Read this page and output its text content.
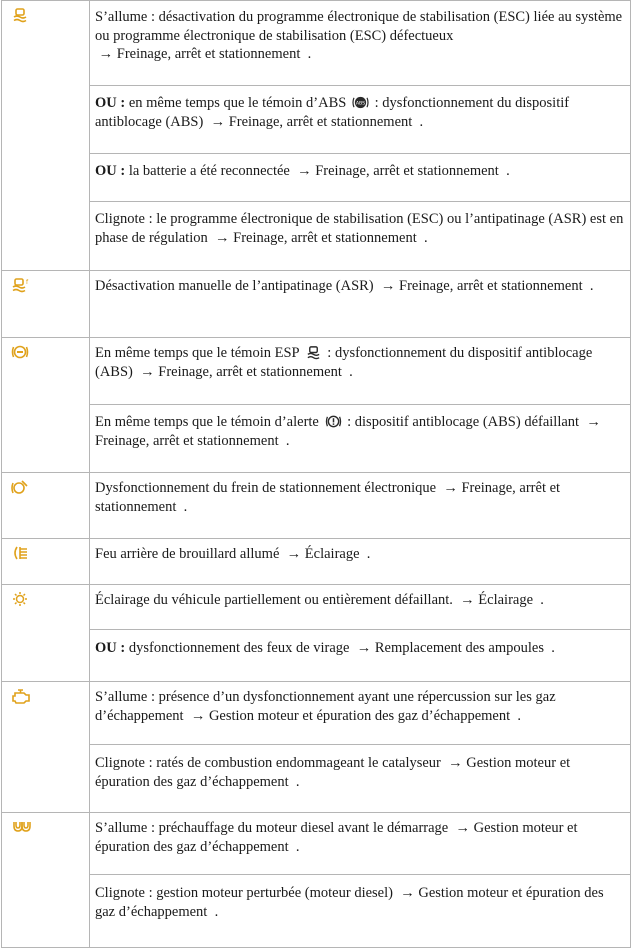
S’allume : désactivation du programme électronique de stabilisation (ESC) liée au système ou programme électronique de stabilisation (ESC) défectueux
→ Freinage, arrêt et stationnement  .
OU : en même temps que le témoin d’ABS ABS : dysfonctionnement du dispositif antiblocage (ABS) → Freinage, arrêt et stationnement  .
OU : la batterie a été reconnectée → Freinage, arrêt et stationnement  .
Clignote : le programme électronique de stabilisation (ESC) ou l’antipatinage (ASR) est en phase de régulation → Freinage, arrêt et stationnement  .
f	Désactivation manuelle de l’antipatinage (ASR) → Freinage, arrêt et stationnement  .
En même temps que le témoin ESP  : dysfonctionnement du dispositif antiblocage (ABS) → Freinage, arrêt et stationnement  .
En même temps que le témoin d’alerte  : dispositif antiblocage (ABS) défaillant → Freinage, arrêt et stationnement  .
Dysfonctionnement du frein de stationnement électronique → Freinage, arrêt et stationnement  .
Feu arrière de brouillard allumé → Éclairage  .
Éclairage du véhicule partiellement ou entièrement défaillant. → Éclairage  .
OU : dysfonctionnement des feux de virage → Remplacement des ampoules  .
S’allume : présence d’un dysfonctionnement ayant une répercussion sur les gaz d’échappement → Gestion moteur et épuration des gaz d’échappement  .
Clignote : ratés de combustion endommageant le catalyseur → Gestion moteur et épuration des gaz d’échappement  .
S’allume : préchauffage du moteur diesel avant le démarrage → Gestion moteur et épuration des gaz d’échappement  .
Clignote : gestion moteur perturbée (moteur diesel) → Gestion moteur et épuration des gaz d’échappement  .
